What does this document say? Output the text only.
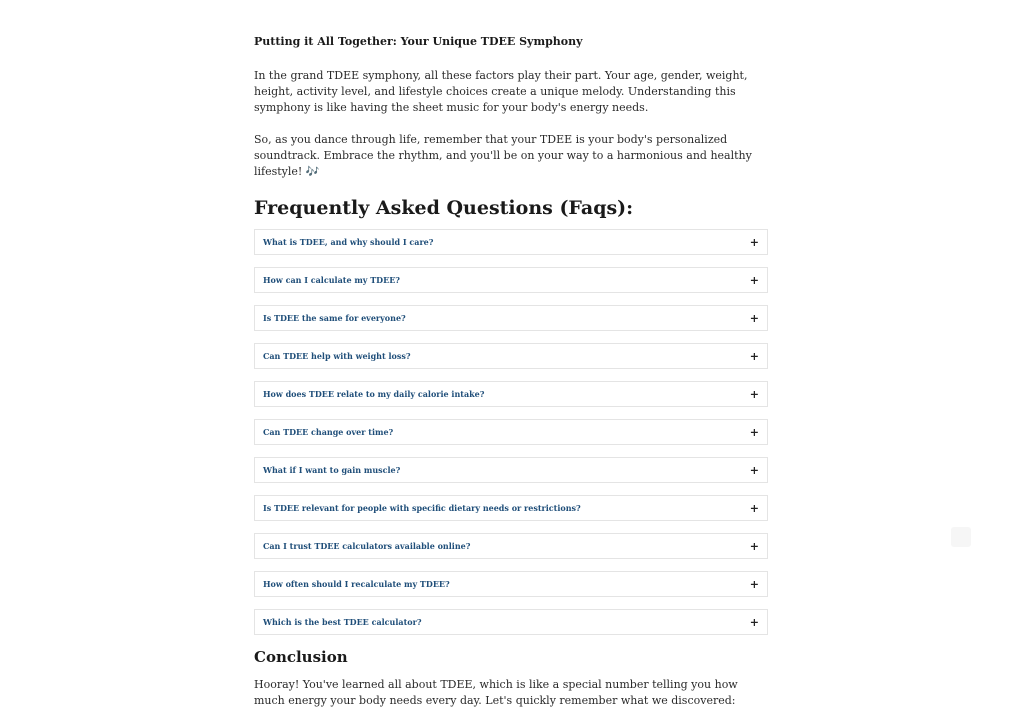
Putting it All Together: Your Unique TDEE Symphony

In the grand TDEE symphony, all these factors play their part. Your age, gender, weight, height, activity level, and lifestyle choices create a unique melody. Understanding this symphony is like having the sheet music for your body's energy needs.

So, as you dance through life, remember that your TDEE is your body's personalized soundtrack. Embrace the rhythm, and you'll be on your way to a harmonious and healthy lifestyle! 🎶

Frequently Asked Questions (Faqs):
What is TDEE, and why should I care?	+
How can I calculate my TDEE?	+
Is TDEE the same for everyone?	+
Can TDEE help with weight loss?	+
How does TDEE relate to my daily calorie intake?	+
Can TDEE change over time?	+
What if I want to gain muscle?	+
Is TDEE relevant for people with specific dietary needs or restrictions?	+
Can I trust TDEE calculators available online?	+
How often should I recalculate my TDEE?	+
Which is the best TDEE calculator?	+
Conclusion

Hooray! You've learned all about TDEE, which is like a special number telling you how much energy your body needs every day. Let's quickly remember what we discovered:
